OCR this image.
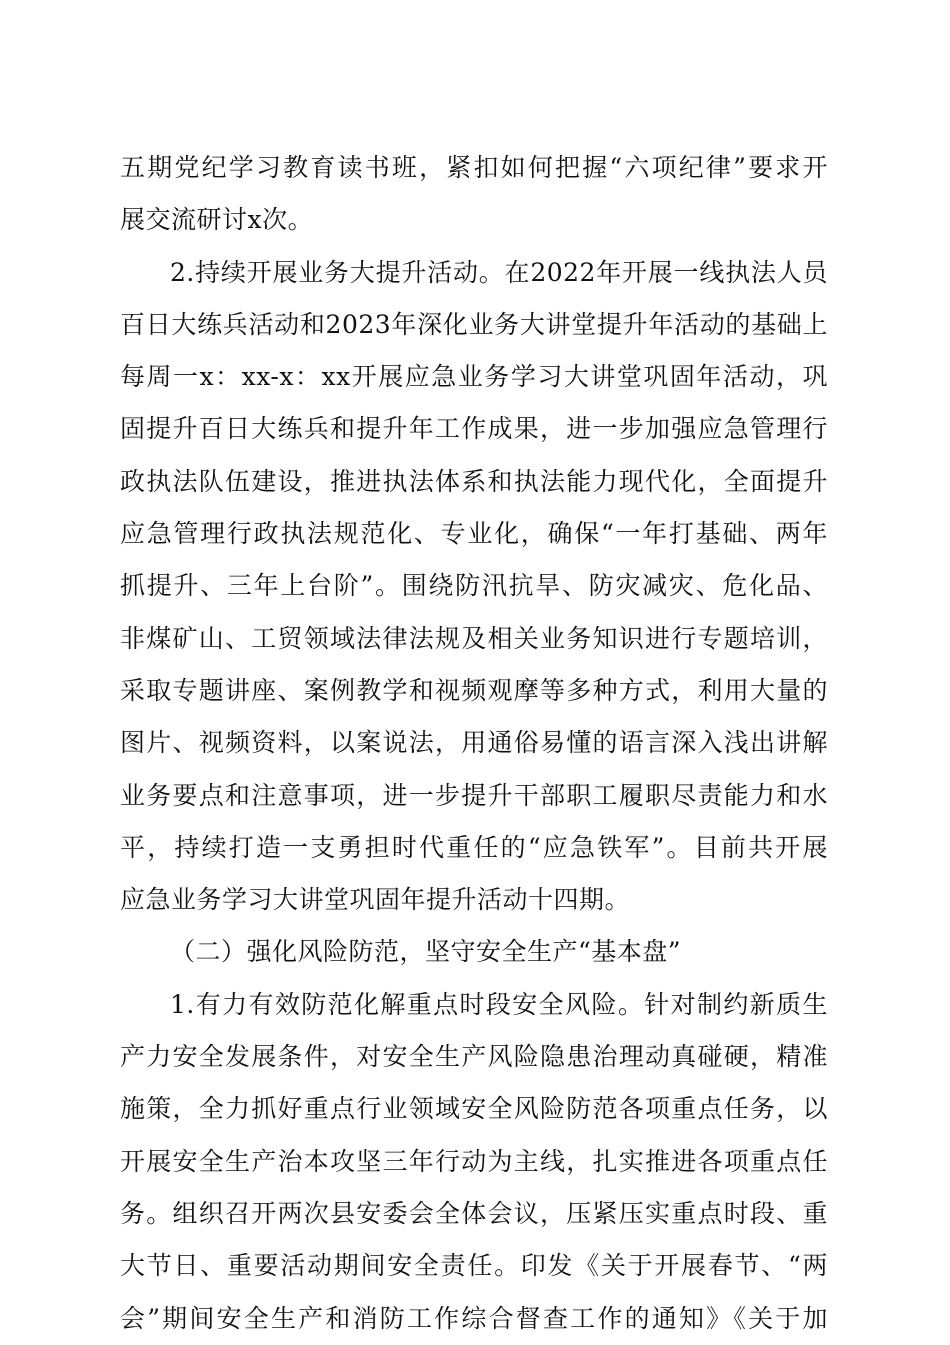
五期党纪学习教育读书班，紧扣如何把握“六项纪律”要求开
展交流研讨x次。
2.持续开展业务大提升活动。在2022年开展一线执法人员
百日大练兵活动和2023年深化业务大讲堂提升年活动的基础上
每周一x：xx-x：xx开展应急业务学习大讲堂巩固年活动，巩
固提升百日大练兵和提升年工作成果，进一步加强应急管理行
政执法队伍建设，推进执法体系和执法能力现代化，全面提升
应急管理行政执法规范化、专业化，确保“一年打基础、两年
抓提升、三年上台阶”。围绕防汛抗旱、防灾减灾、危化品、
非煤矿山、工贸领域法律法规及相关业务知识进行专题培训，
采取专题讲座、案例教学和视频观摩等多种方式，利用大量的
图片、视频资料，以案说法，用通俗易懂的语言深入浅出讲解
业务要点和注意事项，进一步提升干部职工履职尽责能力和水
平，持续打造一支勇担时代重任的“应急铁军”。目前共开展
应急业务学习大讲堂巩固年提升活动十四期。
（二）强化风险防范，坚守安全生产“基本盘”
1.有力有效防范化解重点时段安全风险。针对制约新质生
产力安全发展条件，对安全生产风险隐患治理动真碰硬，精准
施策，全力抓好重点行业领域安全风险防范各项重点任务，以
开展安全生产治本攻坚三年行动为主线，扎实推进各项重点任
务。组织召开两次县安委会全体会议，压紧压实重点时段、重
大节日、重要活动期间安全责任。印发《关于开展春节、“两
会”期间安全生产和消防工作综合督查工作的通知》《关于加
